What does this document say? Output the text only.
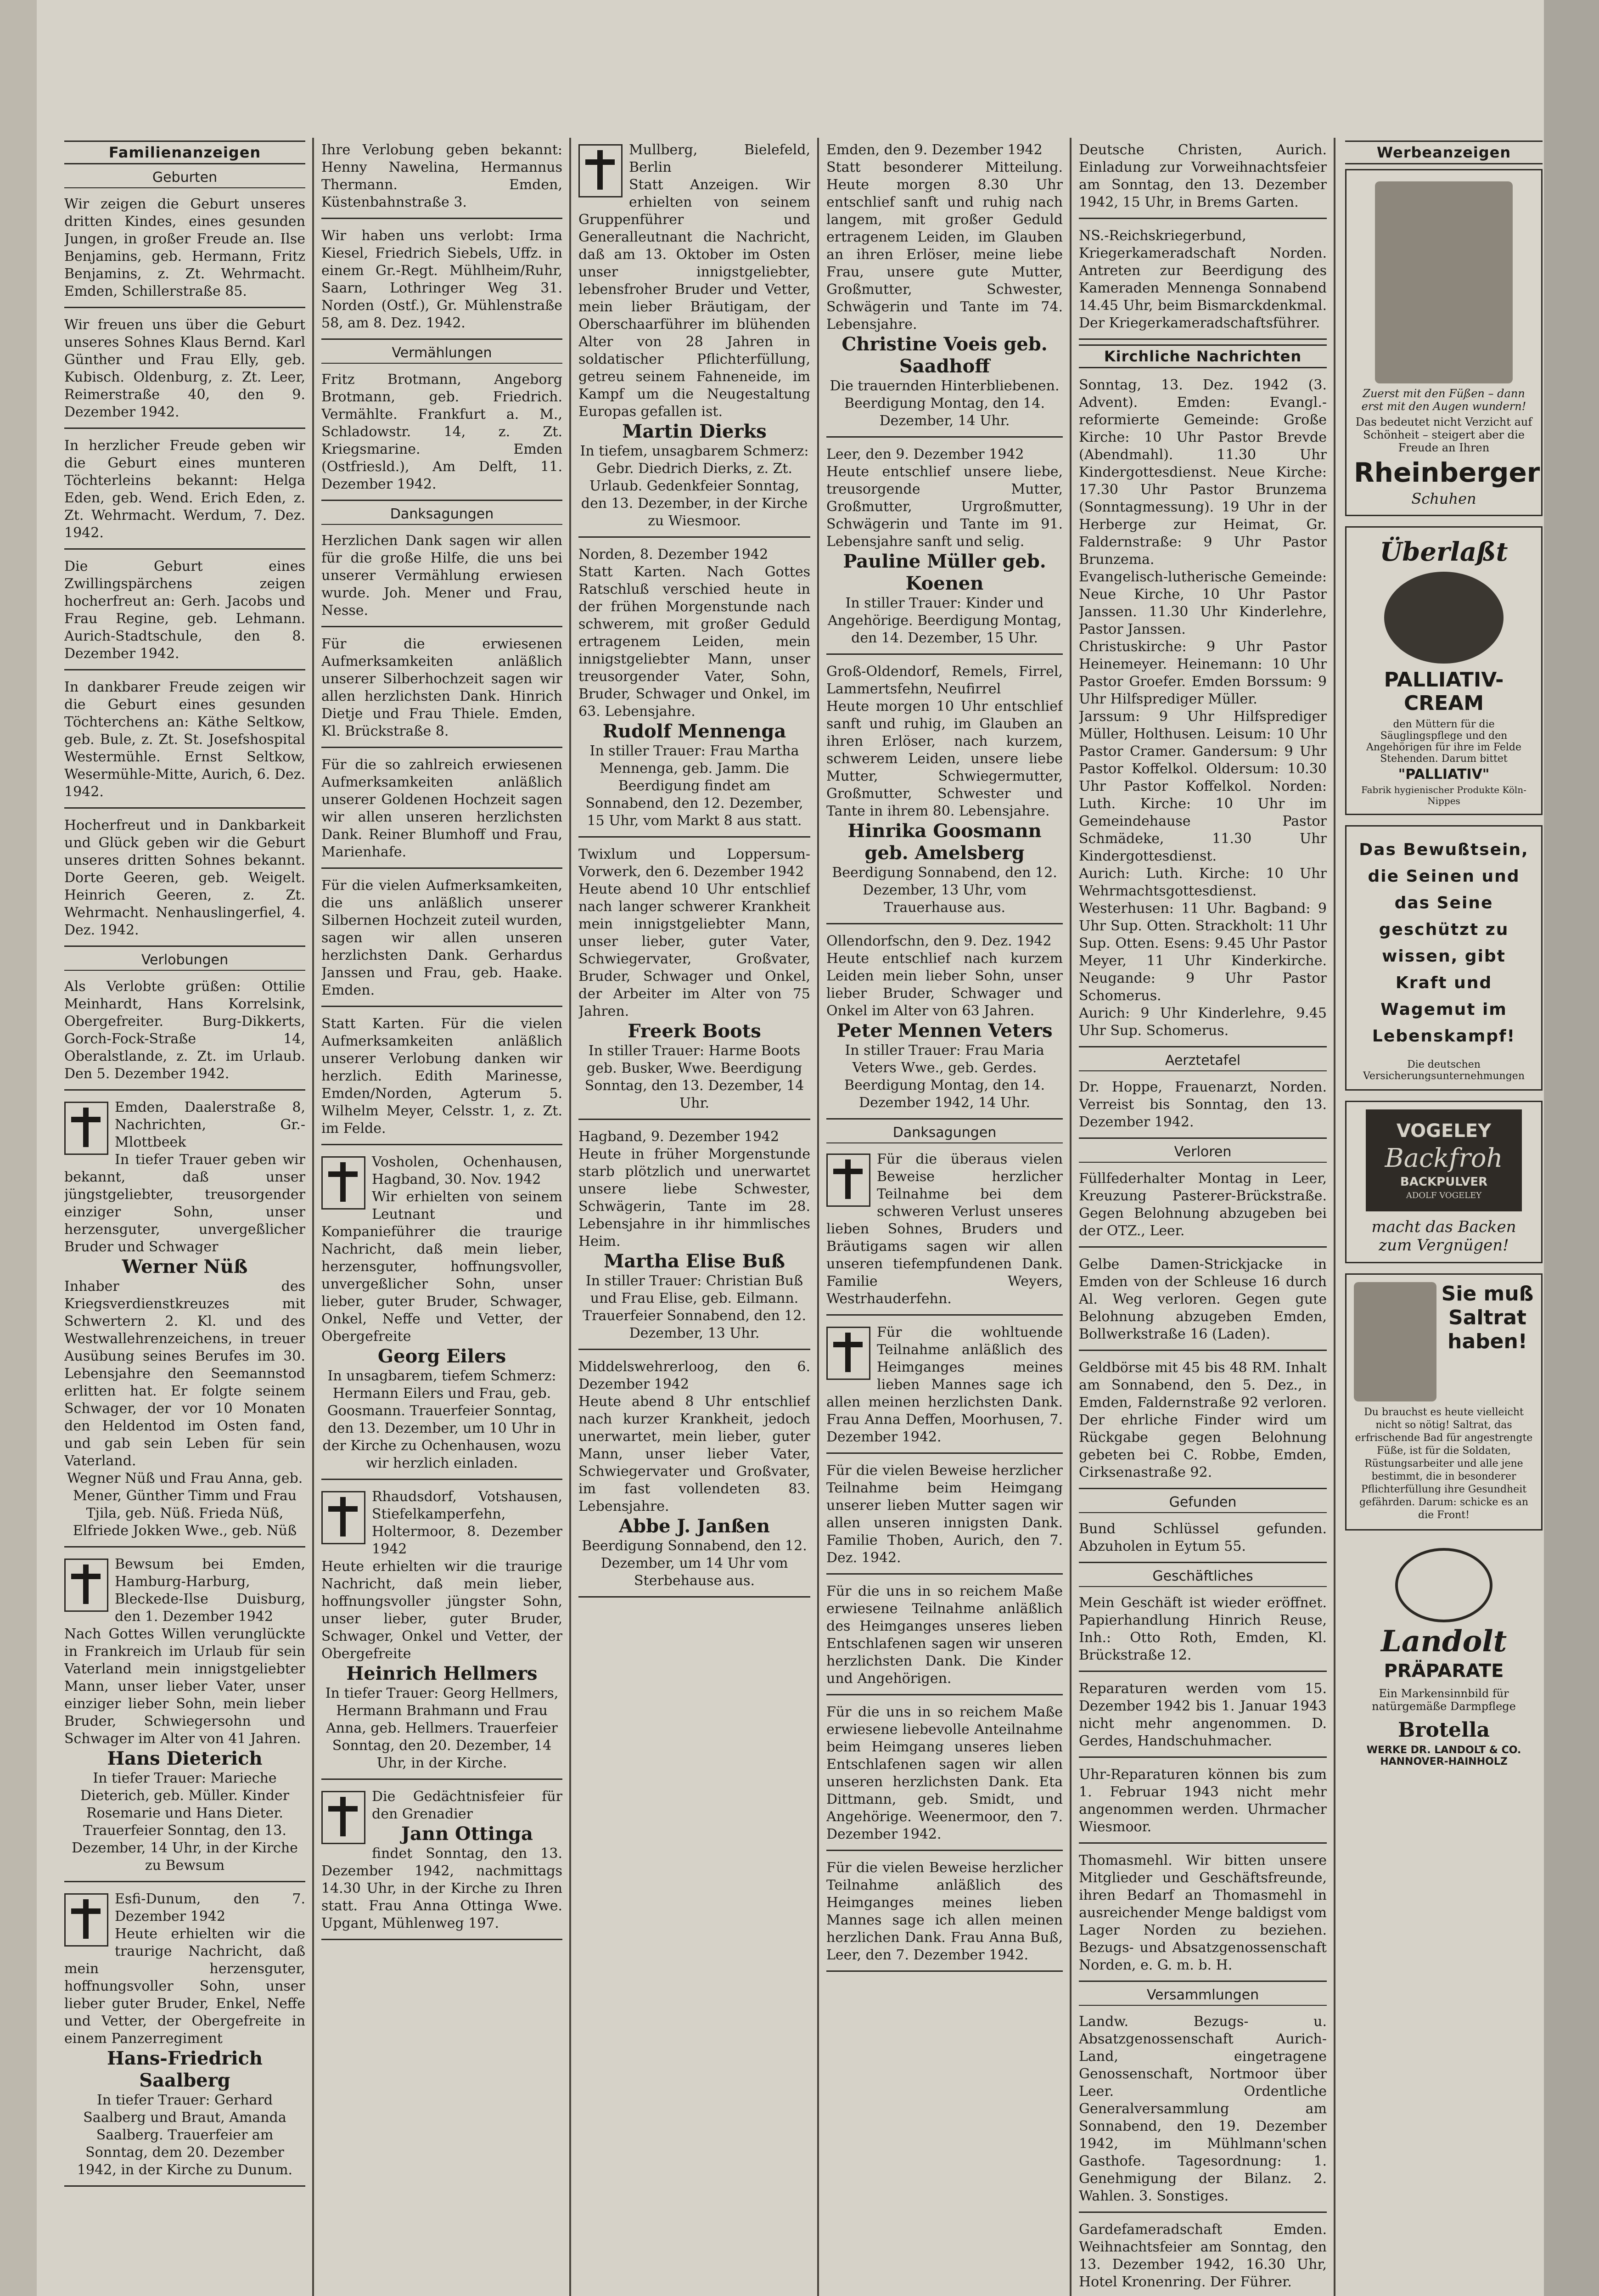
Familienanzeigen
Geburten

Wir zeigen die Geburt unseres dritten Kindes, eines gesunden Jungen, in großer Freude an. Ilse Benjamins, geb. Hermann, Fritz Benjamins, z. Zt. Wehrmacht. Emden, Schillerstraße 85.

Wir freuen uns über die Geburt unseres Sohnes Klaus Bernd. Karl Günther und Frau Elly, geb. Kubisch. Oldenburg, z. Zt. Leer, Reimerstraße 40, den 9. Dezember 1942.

In herzlicher Freude geben wir die Geburt eines munteren Töchterleins bekannt: Helga Eden, geb. Wend. Erich Eden, z. Zt. Wehrmacht. Werdum, 7. Dez. 1942.

Die Geburt eines Zwillingspärchens zeigen hocherfreut an: Gerh. Jacobs und Frau Regine, geb. Lehmann. Aurich-Stadtschule, den 8. Dezember 1942.

In dankbarer Freude zeigen wir die Geburt eines gesunden Töchterchens an: Käthe Seltkow, geb. Bule, z. Zt. St. Josefshospital Westermühle. Ernst Seltkow, Wesermühle-Mitte, Aurich, 6. Dez. 1942.

Hocherfreut und in Dankbarkeit und Glück geben wir die Geburt unseres dritten Sohnes bekannt. Dorte Geeren, geb. Weigelt. Heinrich Geeren, z. Zt. Wehrmacht. Nenhauslingerfiel, 4. Dez. 1942.

Verlobungen

Als Verlobte grüßen: Ottilie Meinhardt, Hans Korrelsink, Obergefreiter. Burg-Dikkerts, Gorch-Fock-Straße 14, Oberalstlande, z. Zt. im Urlaub. Den 5. Dezember 1942.

Emden, Daalerstraße 8, Nachrichten, Gr.-Mlottbeek

In tiefer Trauer geben wir bekannt, daß unser jüngstgeliebter, treusorgender einziger Sohn, unser herzensguter, unvergeßlicher Bruder und Schwager

Werner Nüß

Inhaber des Kriegsverdienstkreuzes mit Schwertern 2. Kl. und des Westwallehrenzeichens, in treuer Ausübung seines Berufes im 30. Lebensjahre den Seemannstod erlitten hat. Er folgte seinem Schwager, der vor 10 Monaten den Heldentod im Osten fand, und gab sein Leben für sein Vaterland.

Wegner Nüß und Frau Anna, geb. Mener, Günther Timm und Frau Tjila, geb. Nüß. Frieda Nüß, Elfriede Jokken Wwe., geb. Nüß

Bewsum bei Emden, Hamburg-Harburg, Bleckede-Ilse Duisburg, den 1. Dezember 1942

Nach Gottes Willen verunglückte in Frankreich im Urlaub für sein Vaterland mein innigstgeliebter Mann, unser lieber Vater, unser einziger lieber Sohn, mein lieber Bruder, Schwiegersohn und Schwager im Alter von 41 Jahren.

Hans Dieterich

In tiefer Trauer: Marieche Dieterich, geb. Müller. Kinder Rosemarie und Hans Dieter. Trauerfeier Sonntag, den 13. Dezember, 14 Uhr, in der Kirche zu Bewsum

Esfi-Dunum, den 7. Dezember 1942

Heute erhielten wir die traurige Nachricht, daß mein herzensguter, hoffnungsvoller Sohn, unser lieber guter Bruder, Enkel, Neffe und Vetter, der Obergefreite in einem Panzerregiment

Hans-Friedrich Saalberg

In tiefer Trauer: Gerhard Saalberg und Braut, Amanda Saalberg. Trauerfeier am Sonntag, dem 20. Dezember 1942, in der Kirche zu Dunum.

Ihre Verlobung geben bekannt: Henny Nawelina, Hermannus Thermann. Emden, Küstenbahnstraße 3.

Wir haben uns verlobt: Irma Kiesel, Friedrich Siebels, Uffz. in einem Gr.-Regt. Mühlheim/Ruhr, Saarn, Lothringer Weg 31. Norden (Ostf.), Gr. Mühlenstraße 58, am 8. Dez. 1942.

Vermählungen

Fritz Brotmann, Angeborg Brotmann, geb. Friedrich. Vermählte. Frankfurt a. M., Schladowstr. 14, z. Zt. Kriegsmarine. Emden (Ostfriesld.), Am Delft, 11. Dezember 1942.

Danksagungen

Herzlichen Dank sagen wir allen für die große Hilfe, die uns bei unserer Vermählung erwiesen wurde. Joh. Mener und Frau, Nesse.

Für die erwiesenen Aufmerksamkeiten anläßlich unserer Silberhochzeit sagen wir allen herzlichsten Dank. Hinrich Dietje und Frau Thiele. Emden, Kl. Brückstraße 8.

Für die so zahlreich erwiesenen Aufmerksamkeiten anläßlich unserer Goldenen Hochzeit sagen wir allen unseren herzlichsten Dank. Reiner Blumhoff und Frau, Marienhafe.

Für die vielen Aufmerksamkeiten, die uns anläßlich unserer Silbernen Hochzeit zuteil wurden, sagen wir allen unseren herzlichsten Dank. Gerhardus Janssen und Frau, geb. Haake. Emden.

Statt Karten. Für die vielen Aufmerksamkeiten anläßlich unserer Verlobung danken wir herzlich. Edith Marinesse, Emden/Norden, Agterum 5. Wilhelm Meyer, Celsstr. 1, z. Zt. im Felde.

Vosholen, Ochenhausen, Hagband, 30. Nov. 1942

Wir erhielten von seinem Leutnant und Kompanieführer die traurige Nachricht, daß mein lieber, herzensguter, hoffnungsvoller, unvergeßlicher Sohn, unser lieber, guter Bruder, Schwager, Onkel, Neffe und Vetter, der Obergefreite

Georg Eilers

In unsagbarem, tiefem Schmerz: Hermann Eilers und Frau, geb. Goosmann. Trauerfeier Sonntag, den 13. Dezember, um 10 Uhr in der Kirche zu Ochenhausen, wozu wir herzlich einladen.

Rhaudsdorf, Votshausen, Stiefelkamperfehn, Holtermoor, 8. Dezember 1942

Heute erhielten wir die traurige Nachricht, daß mein lieber, hoffnungsvoller jüngster Sohn, unser lieber, guter Bruder, Schwager, Onkel und Vetter, der Obergefreite

Heinrich Hellmers

In tiefer Trauer: Georg Hellmers, Hermann Brahmann und Frau Anna, geb. Hellmers. Trauerfeier Sonntag, den 20. Dezember, 14 Uhr, in der Kirche.

Die Gedächtnisfeier für den Grenadier

Jann Ottinga

findet Sonntag, den 13. Dezember 1942, nachmittags 14.30 Uhr, in der Kirche zu Ihren statt. Frau Anna Ottinga Wwe. Upgant, Mühlenweg 197.

Mullberg, Bielefeld, Berlin

Statt Anzeigen. Wir erhielten von seinem Gruppenführer und Generalleutnant die Nachricht, daß am 13. Oktober im Osten unser innigstgeliebter, lebensfroher Bruder und Vetter, mein lieber Bräutigam, der Oberschaarführer im blühenden Alter von 28 Jahren in soldatischer Pflichterfüllung, getreu seinem Fahneneide, im Kampf um die Neugestaltung Europas gefallen ist.

Martin Dierks

In tiefem, unsagbarem Schmerz: Gebr. Diedrich Dierks, z. Zt. Urlaub. Gedenkfeier Sonntag, den 13. Dezember, in der Kirche zu Wiesmoor.

Norden, 8. Dezember 1942

Statt Karten. Nach Gottes Ratschluß verschied heute in der frühen Morgenstunde nach schwerem, mit großer Geduld ertragenem Leiden, mein innigstgeliebter Mann, unser treusorgender Vater, Sohn, Bruder, Schwager und Onkel, im 63. Lebensjahre.

Rudolf Mennenga

In stiller Trauer: Frau Martha Mennenga, geb. Jamm. Die Beerdigung findet am Sonnabend, den 12. Dezember, 15 Uhr, vom Markt 8 aus statt.

Twixlum und Loppersum-Vorwerk, den 6. Dezember 1942

Heute abend 10 Uhr entschlief nach langer schwerer Krankheit mein innigstgeliebter Mann, unser lieber, guter Vater, Schwiegervater, Großvater, Bruder, Schwager und Onkel, der Arbeiter im Alter von 75 Jahren.

Freerk Boots

In stiller Trauer: Harme Boots geb. Busker, Wwe. Beerdigung Sonntag, den 13. Dezember, 14 Uhr.

Hagband, 9. Dezember 1942

Heute in früher Morgenstunde starb plötzlich und unerwartet unsere liebe Schwester, Schwägerin, Tante im 28. Lebensjahre in ihr himmlisches Heim.

Martha Elise Buß

In stiller Trauer: Christian Buß und Frau Elise, geb. Eilmann. Trauerfeier Sonnabend, den 12. Dezember, 13 Uhr.

Middelswehrerloog, den 6. Dezember 1942

Heute abend 8 Uhr entschlief nach kurzer Krankheit, jedoch unerwartet, mein lieber, guter Mann, unser lieber Vater, Schwiegervater und Großvater, im fast vollendeten 83. Lebensjahre.

Abbe J. Janßen

Beerdigung Sonnabend, den 12. Dezember, um 14 Uhr vom Sterbehause aus.

Emden, den 9. Dezember 1942

Statt besonderer Mitteilung. Heute morgen 8.30 Uhr entschlief sanft und ruhig nach langem, mit großer Geduld ertragenem Leiden, im Glauben an ihren Erlöser, meine liebe Frau, unsere gute Mutter, Großmutter, Schwester, Schwägerin und Tante im 74. Lebensjahre.

Christine Voeis geb. Saadhoff

Die trauernden Hinterbliebenen. Beerdigung Montag, den 14. Dezember, 14 Uhr.

Leer, den 9. Dezember 1942

Heute entschlief unsere liebe, treusorgende Mutter, Großmutter, Urgroßmutter, Schwägerin und Tante im 91. Lebensjahre sanft und selig.

Pauline Müller geb. Koenen

In stiller Trauer: Kinder und Angehörige. Beerdigung Montag, den 14. Dezember, 15 Uhr.

Groß-Oldendorf, Remels, Firrel, Lammertsfehn, Neufirrel

Heute morgen 10 Uhr entschlief sanft und ruhig, im Glauben an ihren Erlöser, nach kurzem, schwerem Leiden, unsere liebe Mutter, Schwiegermutter, Großmutter, Schwester und Tante in ihrem 80. Lebensjahre.

Hinrika Goosmann geb. Amelsberg

Beerdigung Sonnabend, den 12. Dezember, 13 Uhr, vom Trauerhause aus.

Ollendorfschn, den 9. Dez. 1942

Heute entschlief nach kurzem Leiden mein lieber Sohn, unser lieber Bruder, Schwager und Onkel im Alter von 63 Jahren.

Peter Mennen Veters

In stiller Trauer: Frau Maria Veters Wwe., geb. Gerdes. Beerdigung Montag, den 14. Dezember 1942, 14 Uhr.

Danksagungen

Für die überaus vielen Beweise herzlicher Teilnahme bei dem schweren Verlust unseres lieben Sohnes, Bruders und Bräutigams sagen wir allen unseren tiefempfundenen Dank. Familie Weyers, Westrhauderfehn.

Für die wohltuende Teilnahme anläßlich des Heimganges meines lieben Mannes sage ich allen meinen herzlichsten Dank. Frau Anna Deffen, Moorhusen, 7. Dezember 1942.

Für die vielen Beweise herzlicher Teilnahme beim Heimgang unserer lieben Mutter sagen wir allen unseren innigsten Dank. Familie Thoben, Aurich, den 7. Dez. 1942.

Für die uns in so reichem Maße erwiesene Teilnahme anläßlich des Heimganges unseres lieben Entschlafenen sagen wir unseren herzlichsten Dank. Die Kinder und Angehörigen.

Für die uns in so reichem Maße erwiesene liebevolle Anteilnahme beim Heimgang unseres lieben Entschlafenen sagen wir allen unseren herzlichsten Dank. Eta Dittmann, geb. Smidt, und Angehörige. Weenermoor, den 7. Dezember 1942.

Für die vielen Beweise herzlicher Teilnahme anläßlich des Heimganges meines lieben Mannes sage ich allen meinen herzlichen Dank. Frau Anna Buß, Leer, den 7. Dezember 1942.

Deutsche Christen, Aurich. Einladung zur Vorweihnachtsfeier am Sonntag, den 13. Dezember 1942, 15 Uhr, in Brems Garten.

NS.-Reichskriegerbund, Kriegerkameradschaft Norden. Antreten zur Beerdigung des Kameraden Mennenga Sonnabend 14.45 Uhr, beim Bismarckdenkmal. Der Kriegerkameradschaftsführer.

Kirchliche Nachrichten

Sonntag, 13. Dez. 1942 (3. Advent). Emden: Evangl.-reformierte Gemeinde: Große Kirche: 10 Uhr Pastor Brevde (Abendmahl). 11.30 Uhr Kindergottesdienst. Neue Kirche: 17.30 Uhr Pastor Brunzema (Sonntagmessung). 19 Uhr in der Herberge zur Heimat, Gr. Faldernstraße: 9 Uhr Pastor Brunzema.

Evangelisch-lutherische Gemeinde: Neue Kirche, 10 Uhr Pastor Janssen. 11.30 Uhr Kinderlehre, Pastor Janssen.

Christuskirche: 9 Uhr Pastor Heinemeyer. Heinemann: 10 Uhr Pastor Groefer. Emden Borssum: 9 Uhr Hilfsprediger Müller.

Jarssum: 9 Uhr Hilfsprediger Müller, Holthusen. Leisum: 10 Uhr Pastor Cramer. Gandersum: 9 Uhr Pastor Koffelkol. Oldersum: 10.30 Uhr Pastor Koffelkol. Norden: Luth. Kirche: 10 Uhr im Gemeindehause Pastor Schmädeke, 11.30 Uhr Kindergottesdienst.

Aurich: Luth. Kirche: 10 Uhr Wehrmachtsgottesdienst. Westerhusen: 11 Uhr. Bagband: 9 Uhr Sup. Otten. Strackholt: 11 Uhr Sup. Otten. Esens: 9.45 Uhr Pastor Meyer, 11 Uhr Kinderkirche. Neugande: 9 Uhr Pastor Schomerus.

Aurich: 9 Uhr Kinderlehre, 9.45 Uhr Sup. Schomerus.

Aerztetafel

Dr. Hoppe, Frauenarzt, Norden. Verreist bis Sonntag, den 13. Dezember 1942.

Verloren

Füllfederhalter Montag in Leer, Kreuzung Pasterer-Brückstraße. Gegen Belohnung abzugeben bei der OTZ., Leer.

Gelbe Damen-Strickjacke in Emden von der Schleuse 16 durch Al. Weg verloren. Gegen gute Belohnung abzugeben Emden, Bollwerkstraße 16 (Laden).

Geldbörse mit 45 bis 48 RM. Inhalt am Sonnabend, den 5. Dez., in Emden, Faldernstraße 92 verloren. Der ehrliche Finder wird um Rückgabe gegen Belohnung gebeten bei C. Robbe, Emden, Cirksenastraße 92.

Gefunden

Bund Schlüssel gefunden. Abzuholen in Eytum 55.

Geschäftliches

Mein Geschäft ist wieder eröffnet. Papierhandlung Hinrich Reuse, Inh.: Otto Roth, Emden, Kl. Brückstraße 12.

Reparaturen werden vom 15. Dezember 1942 bis 1. Januar 1943 nicht mehr angenommen. D. Gerdes, Handschuhmacher.

Uhr-Reparaturen können bis zum 1. Februar 1943 nicht mehr angenommen werden. Uhrmacher Wiesmoor.

Thomasmehl. Wir bitten unsere Mitglieder und Geschäftsfreunde, ihren Bedarf an Thomasmehl in ausreichender Menge baldigst vom Lager Norden zu beziehen. Bezugs- und Absatzgenossenschaft Norden, e. G. m. b. H.

Versammlungen

Landw. Bezugs- u. Absatzgenossenschaft Aurich-Land, eingetragene Genossenschaft, Nortmoor über Leer. Ordentliche Generalversammlung am Sonnabend, den 19. Dezember 1942, im Mühlmann'schen Gasthofe. Tagesordnung: 1. Genehmigung der Bilanz. 2. Wahlen. 3. Sonstiges.

Gardefameradschaft Emden. Weihnachtsfeier am Sonntag, den 13. Dezember 1942, 16.30 Uhr, Hotel Kronenring. Der Führer.

Werbeanzeigen

Zuerst mit den Füßen – dann erst mit den Augen wundern!

Das bedeutet nicht Verzicht auf Schönheit – steigert aber die Freude an Ihren

Rheinberger

Schuhen

Überlaßt

PALLIATIV-CREAM

den Müttern für die Säuglingspflege und den Angehörigen für ihre im Felde Stehenden. Darum bittet

"PALLIATIV"

Fabrik hygienischer Produkte Köln-Nippes

Das Bewußtsein, die Seinen und das Seine geschützt zu wissen, gibt Kraft und Wagemut im Lebenskampf!

Die deutschen Versicherungsunternehmungen

VOGELEY

Backfroh

BACKPULVER

ADOLF VOGELEY

macht das Backen zum Vergnügen!

Sie muß Saltrat haben!

Du brauchst es heute vielleicht nicht so nötig! Saltrat, das erfrischende Bad für angestrengte Füße, ist für die Soldaten, Rüstungsarbeiter und alle jene bestimmt, die in besonderer Pflichterfüllung ihre Gesundheit gefährden. Darum: schicke es an die Front!

Landolt

PRÄPARATE

Ein Markensinnbild für natürgemäße Darmpflege

Brotella

WERKE DR. LANDOLT & CO. HANNOVER-HAINHOLZ
